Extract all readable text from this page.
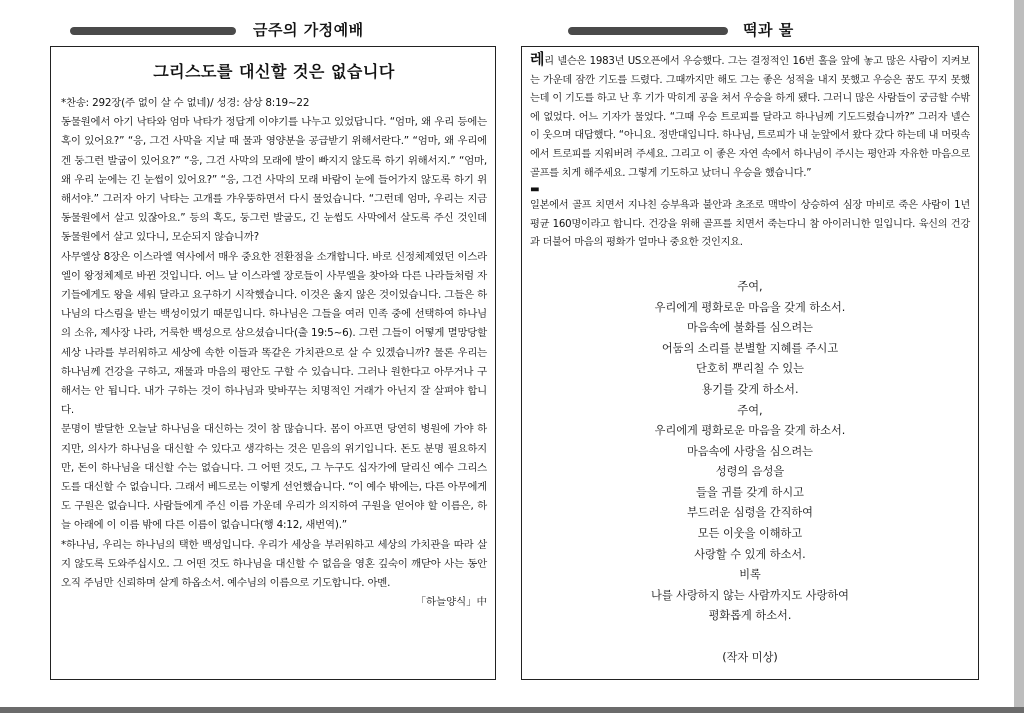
금주의 가정예배	떡과 물
그리스도를 대신할 것은 없습니다

*찬송: 292장(주 없이 살 수 없네)/ 성경: 삼상 8:19~22

동물원에서 아기 낙타와 엄마 낙타가 정답게 이야기를 나누고 있었답니다. “엄마, 왜 우리 등에는 혹이 있어요?” “응, 그건 사막을 지날 때 물과 영양분을 공급받기 위해서란다.” “엄마, 왜 우리에겐 둥그런 발굽이 있어요?” “응, 그건 사막의 모래에 발이 빠지지 않도록 하기 위해서지.” “엄마, 왜 우리 눈에는 긴 눈썹이 있어요?” “응, 그건 사막의 모래 바람이 눈에 들어가지 않도록 하기 위해서야.” 그러자 아기 낙타는 고개를 갸우뚱하면서 다시 물었습니다. “그런데 엄마, 우리는 지금 동물원에서 살고 있잖아요.” 등의 혹도, 둥그런 발굽도, 긴 눈썹도 사막에서 살도록 주신 것인데 동물원에서 살고 있다니, 모순되지 않습니까?

사무엘상 8장은 이스라엘 역사에서 매우 중요한 전환점을 소개합니다. 바로 신정체제였던 이스라엘이 왕정체제로 바뀐 것입니다. 어느 날 이스라엘 장로들이 사무엘을 찾아와 다른 나라들처럼 자기들에게도 왕을 세워 달라고 요구하기 시작했습니다. 이것은 옳지 않은 것이었습니다. 그들은 하나님의 다스림을 받는 백성이었기 때문입니다. 하나님은 그들을 여러 민족 중에 선택하여 하나님의 소유, 제사장 나라, 거룩한 백성으로 삼으셨습니다(출 19:5~6). 그런 그들이 어떻게 멸망당할 세상 나라를 부러워하고 세상에 속한 이들과 똑같은 가치관으로 살 수 있겠습니까? 물론 우리는 하나님께 건강을 구하고, 재물과 마음의 평안도 구할 수 있습니다. 그러나 원한다고 아무거나 구해서는 안 됩니다. 내가 구하는 것이 하나님과 맞바꾸는 치명적인 거래가 아닌지 잘 살펴야 합니다.

문명이 발달한 오늘날 하나님을 대신하는 것이 참 많습니다. 몸이 아프면 당연히 병원에 가야 하지만, 의사가 하나님을 대신할 수 있다고 생각하는 것은 믿음의 위기입니다. 돈도 분명 필요하지만, 돈이 하나님을 대신할 수는 없습니다. 그 어떤 것도, 그 누구도 십자가에 달리신 예수 그리스도를 대신할 수 없습니다. 그래서 베드로는 이렇게 선언했습니다. “이 예수 밖에는, 다른 아무에게도 구원은 없습니다. 사람들에게 주신 이름 가운데 우리가 의지하여 구원을 얻어야 할 이름은, 하늘 아래에 이 이름 밖에 다른 이름이 없습니다(행 4:12, 새번역).”

*하나님, 우리는 하나님의 택한 백성입니다. 우리가 세상을 부러워하고 세상의 가치관을 따라 살지 않도록 도와주십시오. 그 어떤 것도 하나님을 대신할 수 없음을 영혼 깊숙이 깨닫아 사는 동안 오직 주님만 신뢰하며 살게 하옵소서. 예수님의 이름으로 기도합니다. 아멘.

「하늘양식」中

레리 넬슨은 1983년 US오픈에서 우승했다. 그는 결정적인 16번 홀을 앞에 놓고 많은 사람이 지켜보는 가운데 잠깐 기도를 드렸다. 그때까지만 해도 그는 좋은 성적을 내지 못했고 우승은 꿈도 꾸지 못했는데 이 기도를 하고 난 후 기가 막히게 공을 쳐서 우승을 하게 됐다. 그러니 많은 사람들이 궁금할 수밖에 없었다. 어느 기자가 물었다. “그때 우승 트로피를 달라고 하나님께 기도드렸습니까?” 그러자 넬슨이 웃으며 대답했다. “아니요. 정반대입니다. 하나님, 트로피가 내 눈앞에서 왔다 갔다 하는데 내 머릿속에서 트로피를 지워버려 주세요. 그리고 이 좋은 자연 속에서 하나님이 주시는 평안과 자유한 마음으로 골프를 치게 해주세요. 그렇게 기도하고 났더니 우승을 했습니다.”

▬

일본에서 골프 치면서 지나친 승부욕과 불안과 초조로 맥박이 상승하여 심장 마비로 죽은 사람이 1년 평균 160명이라고 합니다. 건강을 위해 골프를 치면서 죽는다니 참 아이러니한 일입니다. 육신의 건강과 더불어 마음의 평화가 얼마나 중요한 것인지요.

주여,
우리에게 평화로운 마음을 갖게 하소서.
마음속에 불화를 심으려는
어둠의 소리를 분별할 지혜를 주시고
단호히 뿌리칠 수 있는
용기를 갖게 하소서.
주여,
우리에게 평화로운 마음을 갖게 하소서.
마음속에 사랑을 심으려는
성령의 음성을
들을 귀를 갖게 하시고
부드러운 심령을 간직하여
모든 이웃을 이해하고
사랑할 수 있게 하소서.
비록
나를 사랑하지 않는 사람까지도 사랑하여
평화롭게 하소서.
(작자 미상)
